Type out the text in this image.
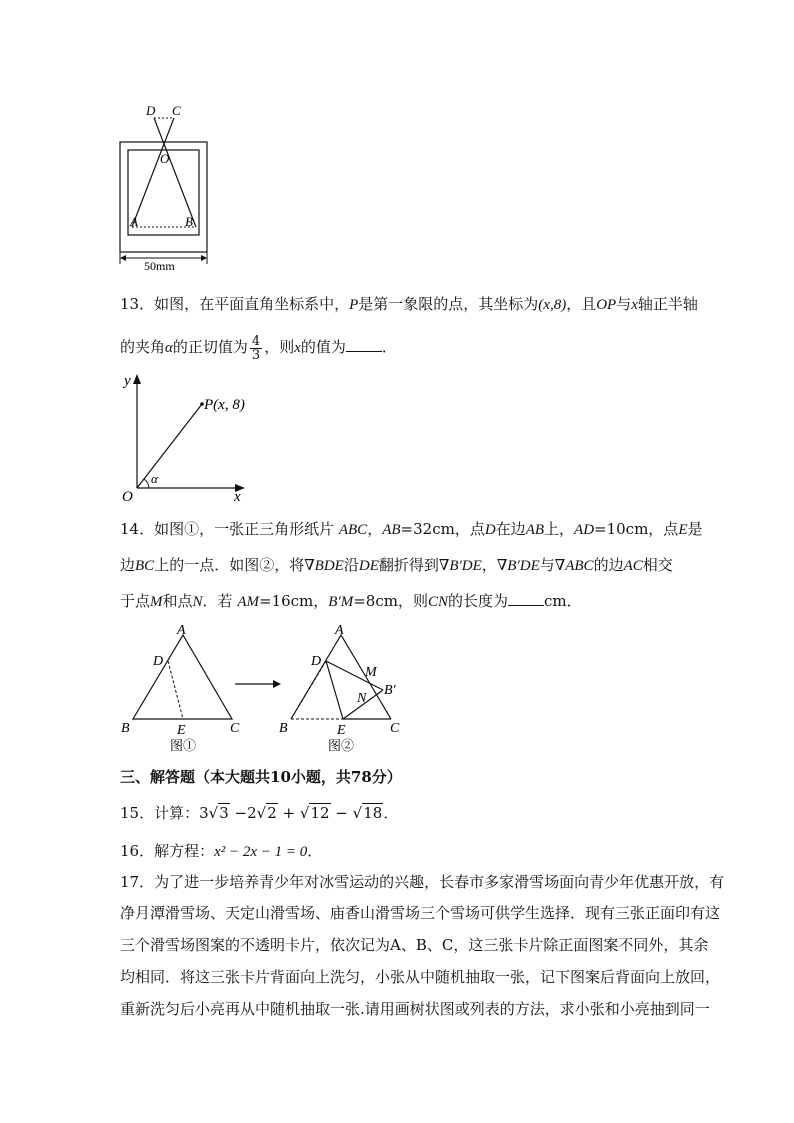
D C
O
A	B
50mm
13．如图，在平面直角坐标系中，P是第一象限的点，其坐标为(x,8)，且OP与x轴正半轴
的夹角α的正切值为 $\frac{4}{3}$ ，则x的值为 ．
y
x
O
P(x, 8)
α
14．如图①，一张正三角形纸片 ABC，AB=32cm，点D在边AB上，AD=10cm，点E是
边BC上的一点．如图②，将∇BDE沿DE翻折得到∇B′DE，∇B′DE与∇ABC的边AC相交
于点M和点N．若 AM=16cm，B′M=8cm，则CN的长度为 cm．
A
D
B	E	C
图①
A
D
M
B′
N
B	E	C
图②
三、解答题（本大题共10小题，共78分）
15．计算：3√3 −2√2 + √12 − √18．
16．解方程：x² − 2x − 1 = 0．
17．为了进一步培养青少年对冰雪运动的兴趣，长春市多家滑雪场面向青少年优惠开放，有
净月潭滑雪场、天定山滑雪场、庙香山滑雪场三个雪场可供学生选择．现有三张正面印有这
三个滑雪场图案的不透明卡片，依次记为A、B、C，这三张卡片除正面图案不同外，其余
均相同．将这三张卡片背面向上洗匀，小张从中随机抽取一张，记下图案后背面向上放回，
重新洗匀后小亮再从中随机抽取一张.请用画树状图或列表的方法，求小张和小亮抽到同一
